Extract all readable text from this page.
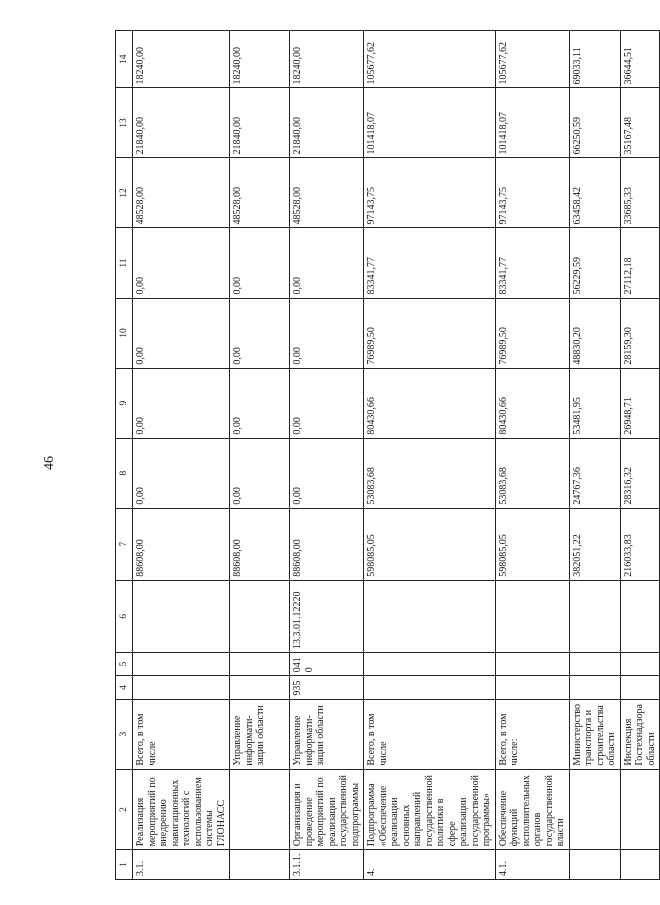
46
1	2	3	4	5	6	7	8	9	10	11	12	13	14
3.1.	Реализация мероприятий по внедрению навигационных технологий с использованием системы ГЛОНАСС	Всего, в том числе				88608,00	0,00	0,00	0,00	0,00	48528,00	21840,00	18240,00
		Управление информати-зации области				88608,00	0,00	0,00	0,00	0,00	48528,00	21840,00	18240,00
3.1.1.	Организация и проведение мероприятий по реализации государственной подпрограммы	Управление информати-зации области	935	0410	13.3.01.12220	88608,00	0,00	0,00	0,00	0,00	48528,00	21840,00	18240,00
4.	Подпрограмма «Обеспечение реализации основных направлений государственной политики в сфере реализации государственной программы»	Всего, в том числе				598085,05	53083,68	80430,66	76989,50	83341,77	97143,75	101418,07	105677,62
4.1.	Обеспечение функций исполнительных органов государственной власти	Всего, в том числе:				598085,05	53083,68	80430,66	76989,50	83341,77	97143,75	101418,07	105677,62
		Министерство транспорта и строительства области				382051,22	24767,36	53481,95	48830,20	56229,59	63458,42	66250,59	69033,11
		Инспекция Гостехнадзора области				216033,83	28316,32	26948,71	28159,30	27112,18	33685,33	35167,48	36644,51
